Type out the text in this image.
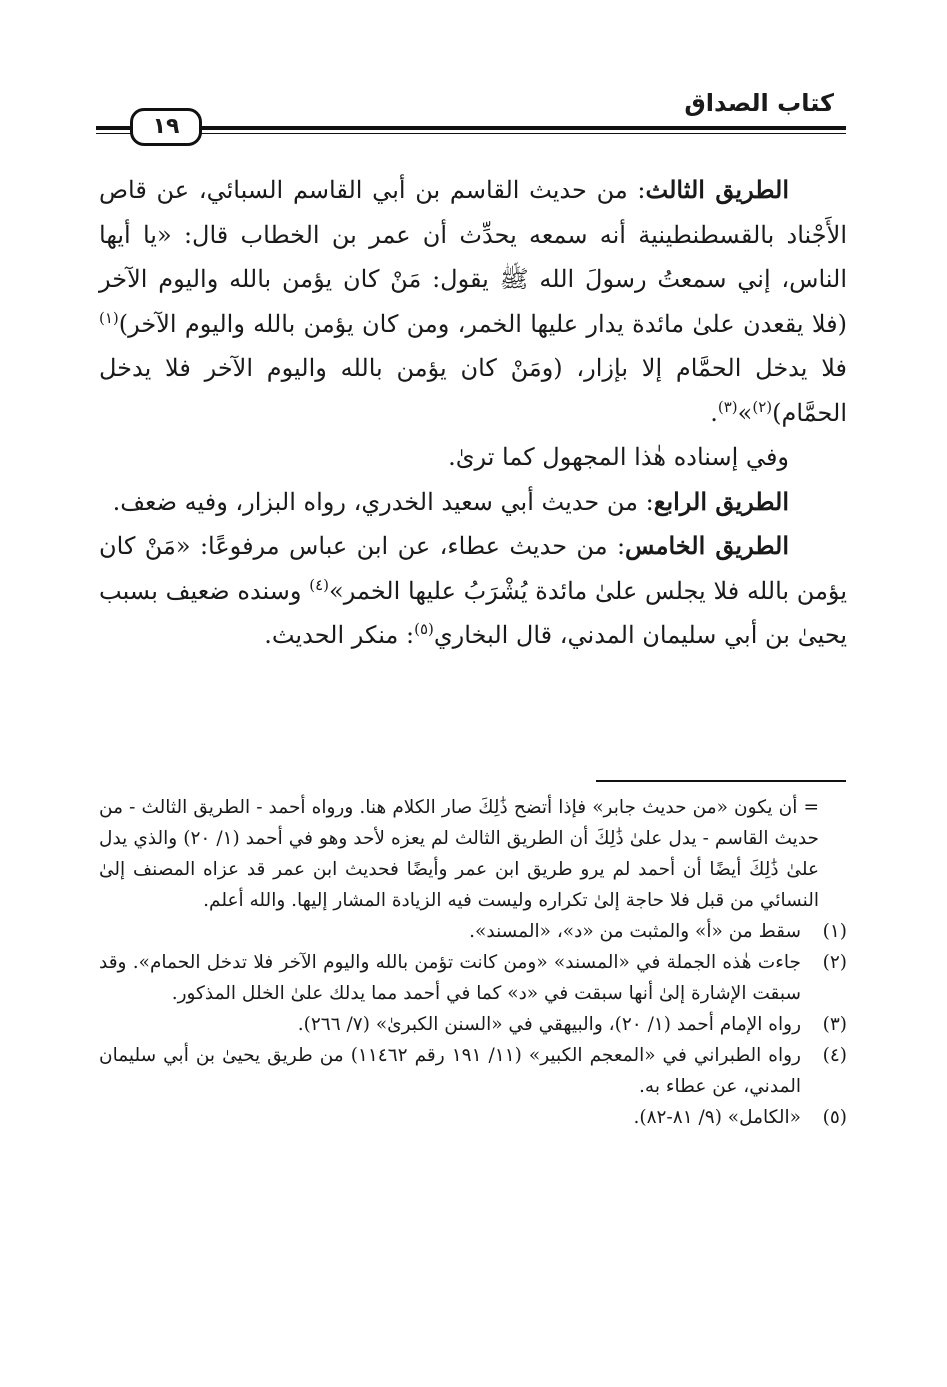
كتاب الصداق
١٩

الطريق الثالث: من حديث القاسم بن أبي القاسم السبائي، عن قاص الأَجْناد بالقسطنطينية أنه سمعه يحدِّث أن عمر بن الخطاب قال: «يا أيها الناس، إني سمعتُ رسولَ الله ﷺ يقول: مَنْ كان يؤمن بالله واليوم الآخر (فلا يقعدن علىٰ مائدة يدار عليها الخمر، ومن كان يؤمن بالله واليوم الآخر)$^{(١)}$ فلا يدخل الحمَّام إلا بإزار، (ومَنْ كان يؤمن بالله واليوم الآخر فلا يدخل الحمَّام)$^{(٢)}$»$^{(٣)}$.

وفي إسناده هٰذا المجهول كما ترىٰ.

الطريق الرابع: من حديث أبي سعيد الخدري، رواه البزار، وفيه ضعف.

الطريق الخامس: من حديث عطاء، عن ابن عباس مرفوعًا: «مَنْ كان يؤمن بالله فلا يجلس علىٰ مائدة يُشْرَبُ عليها الخمر»$^{(٤)}$ وسنده ضعيف بسبب يحيىٰ بن أبي سليمان المدني، قال البخاري$^{(٥)}$: منكر الحديث.

= أن يكون «من حديث جابر» فإذا أتضح ذَٰلِكَ صار الكلام هنا. ورواه أحمد - الطريق الثالث - من حديث القاسم - يدل علىٰ ذَٰلِكَ أن الطريق الثالث لم يعزه لأحد وهو في أحمد (١/ ٢٠) والذي يدل علىٰ ذَٰلِكَ أيضًا أن أحمد لم يرو طريق ابن عمر وأيضًا فحديث ابن عمر قد عزاه المصنف إلىٰ النسائي من قبل فلا حاجة إلىٰ تكراره وليست فيه الزيادة المشار إليها. والله أعلم.

(١)سقط من «أ» والمثبت من «د»، «المسند».

(٢)جاءت هٰذه الجملة في «المسند» «ومن كانت تؤمن بالله واليوم الآخر فلا تدخل الحمام». وقد سبقت الإشارة إلىٰ أنها سبقت في «د» كما في أحمد مما يدلك علىٰ الخلل المذكور.

(٣)رواه الإمام أحمد (١/ ٢٠)، والبيهقي في «السنن الكبرىٰ» (٧/ ٢٦٦).

(٤)رواه الطبراني في «المعجم الكبير» (١١/ ١٩١ رقم ١١٤٦٢) من طريق يحيىٰ بن أبي سليمان المدني، عن عطاء به.

(٥)«الكامل» (٩/ ٨١-٨٢).
